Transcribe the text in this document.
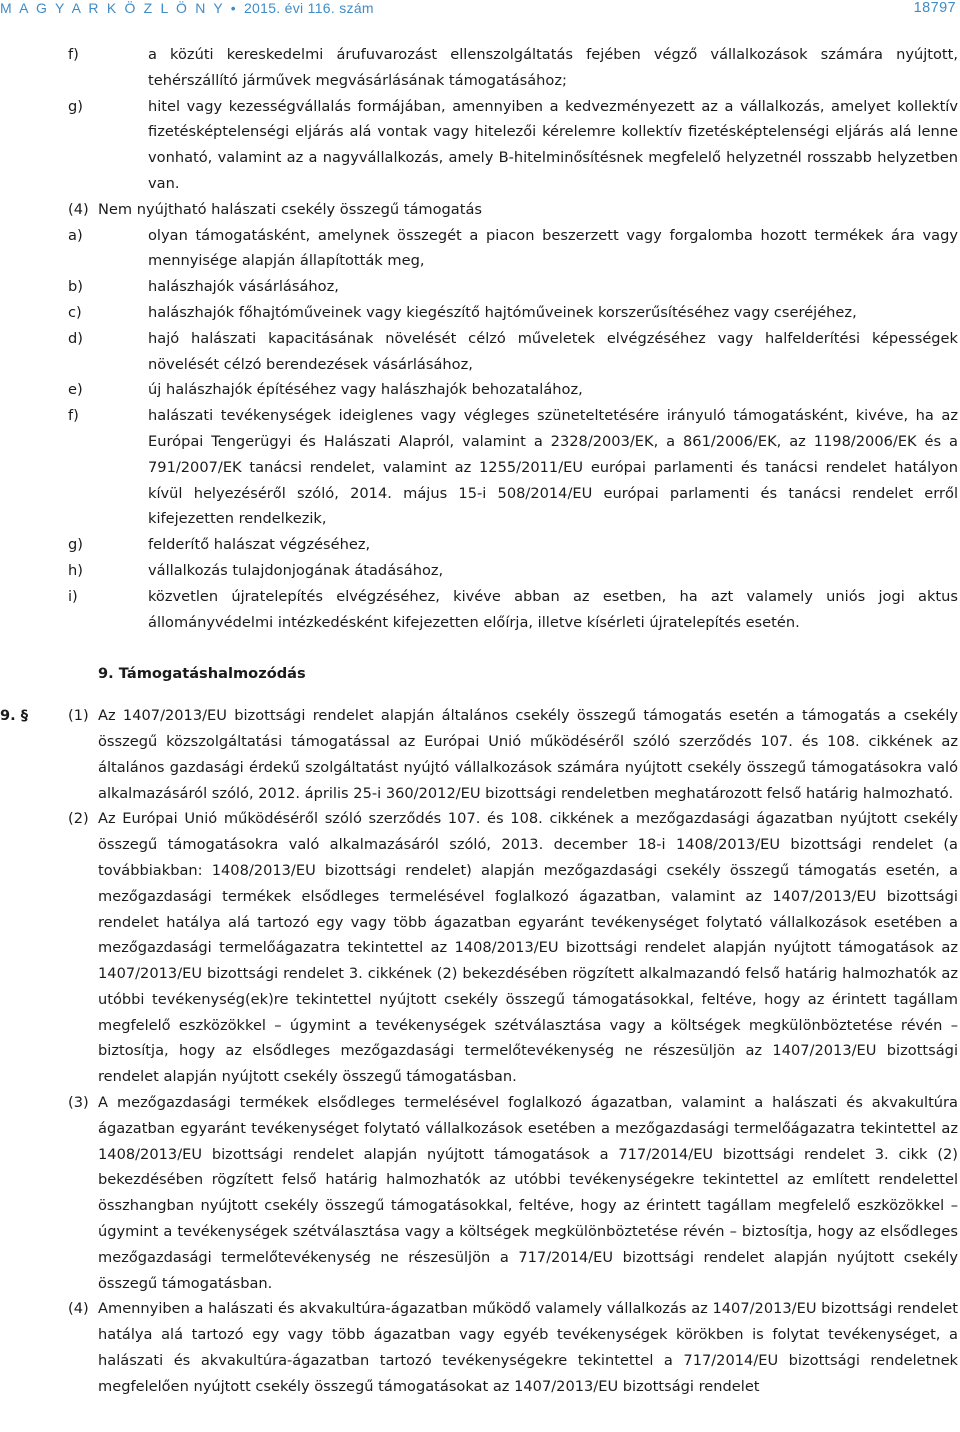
M A G Y A R K Ö Z L Ö N Y • 2015. évi 116. szám	18797
f)	a közúti kereskedelmi árufuvarozást ellenszolgáltatás fejében végző vállalkozások számára nyújtott, tehérszállító járművek megvásárlásának támogatásához;
g)	hitel vagy kezességvállalás formájában, amennyiben a kedvezményezett az a vállalkozás, amelyet kollektív fizetésképtelenségi eljárás alá vontak vagy hitelezői kérelemre kollektív fizetésképtelenségi eljárás alá lenne vonható, valamint az a nagyvállalkozás, amely B-hitelminősítésnek megfelelő helyzetnél rosszabb helyzetben van.
(4) Nem nyújtható halászati csekély összegű támogatás
a)	olyan támogatásként, amelynek összegét a piacon beszerzett vagy forgalomba hozott termékek ára vagy mennyisége alapján állapították meg,
b)	halászhajók vásárlásához,
c)	halászhajók főhajtóműveinek vagy kiegészítő hajtóműveinek korszerűsítéséhez vagy cseréjéhez,
d)	hajó halászati kapacitásának növelését célzó műveletek elvégzéséhez vagy halfelderítési képességek növelését célzó berendezések vásárlásához,
e)	új halászhajók építéséhez vagy halászhajók behozatalához,
f)	halászati tevékenységek ideiglenes vagy végleges szüneteltetésére irányuló támogatásként, kivéve, ha az Európai Tengerügyi és Halászati Alapról, valamint a 2328/2003/EK, a 861/2006/EK, az 1198/2006/EK és a 791/2007/EK tanácsi rendelet, valamint az 1255/2011/EU európai parlamenti és tanácsi rendelet hatályon kívül helyezéséről szóló, 2014. május 15-i 508/2014/EU európai parlamenti és tanácsi rendelet erről kifejezetten rendelkezik,
g)	felderítő halászat végzéséhez,
h)	vállalkozás tulajdonjogának átadásához,
i)	közvetlen újratelepítés elvégzéséhez, kivéve abban az esetben, ha azt valamely uniós jogi aktus állományvédelmi intézkedésként kifejezetten előírja, illetve kísérleti újratelepítés esetén.
9. Támogatáshalmozódás
9. §	(1) Az 1407/2013/EU bizottsági rendelet alapján általános csekély összegű támogatás esetén a támogatás a csekély összegű közszolgáltatási támogatással az Európai Unió működéséről szóló szerződés 107. és 108. cikkének az általános gazdasági érdekű szolgáltatást nyújtó vállalkozások számára nyújtott csekély összegű támogatásokra való alkalmazásáról szóló, 2012. április 25-i 360/2012/EU bizottsági rendeletben meghatározott felső határig halmozható.
(2) Az Európai Unió működéséről szóló szerződés 107. és 108. cikkének a mezőgazdasági ágazatban nyújtott csekély összegű támogatásokra való alkalmazásáról szóló, 2013. december 18-i 1408/2013/EU bizottsági rendelet (a továbbiakban: 1408/2013/EU bizottsági rendelet) alapján mezőgazdasági csekély összegű támogatás esetén, a mezőgazdasági termékek elsődleges termelésével foglalkozó ágazatban, valamint az 1407/2013/EU bizottsági rendelet hatálya alá tartozó egy vagy több ágazatban egyaránt tevékenységet folytató vállalkozások esetében a mezőgazdasági termelőágazatra tekintettel az 1408/2013/EU bizottsági rendelet alapján nyújtott támogatások az 1407/2013/EU bizottsági rendelet 3. cikkének (2) bekezdésében rögzített alkalmazandó felső határig halmozhatók az utóbbi tevékenység(ek)re tekintettel nyújtott csekély összegű támogatásokkal, feltéve, hogy az érintett tagállam megfelelő eszközökkel – úgymint a tevékenységek szétválasztása vagy a költségek megkülönböztetése révén – biztosítja, hogy az elsődleges mezőgazdasági termelőtevékenység ne részesüljön az 1407/2013/EU bizottsági rendelet alapján nyújtott csekély összegű támogatásban.
(3) A mezőgazdasági termékek elsődleges termelésével foglalkozó ágazatban, valamint a halászati és akvakultúra ágazatban egyaránt tevékenységet folytató vállalkozások esetében a mezőgazdasági termelőágazatra tekintettel az 1408/2013/EU bizottsági rendelet alapján nyújtott támogatások a 717/2014/EU bizottsági rendelet 3. cikk (2) bekezdésében rögzített felső határig halmozhatók az utóbbi tevékenységekre tekintettel az említett rendelettel összhangban nyújtott csekély összegű támogatásokkal, feltéve, hogy az érintett tagállam megfelelő eszközökkel – úgymint a tevékenységek szétválasztása vagy a költségek megkülönböztetése révén – biztosítja, hogy az elsődleges mezőgazdasági termelőtevékenység ne részesüljön a 717/2014/EU bizottsági rendelet alapján nyújtott csekély összegű támogatásban.
(4) Amennyiben a halászati és akvakultúra-ágazatban működő valamely vállalkozás az 1407/2013/EU bizottsági rendelet hatálya alá tartozó egy vagy több ágazatban vagy egyéb tevékenységek körökben is folytat tevékenységet, a halászati és akvakultúra-ágazatban tartozó tevékenységekre tekintettel a 717/2014/EU bizottsági rendeletnek megfelelően nyújtott csekély összegű támogatásokat az 1407/2013/EU bizottsági rendelet
